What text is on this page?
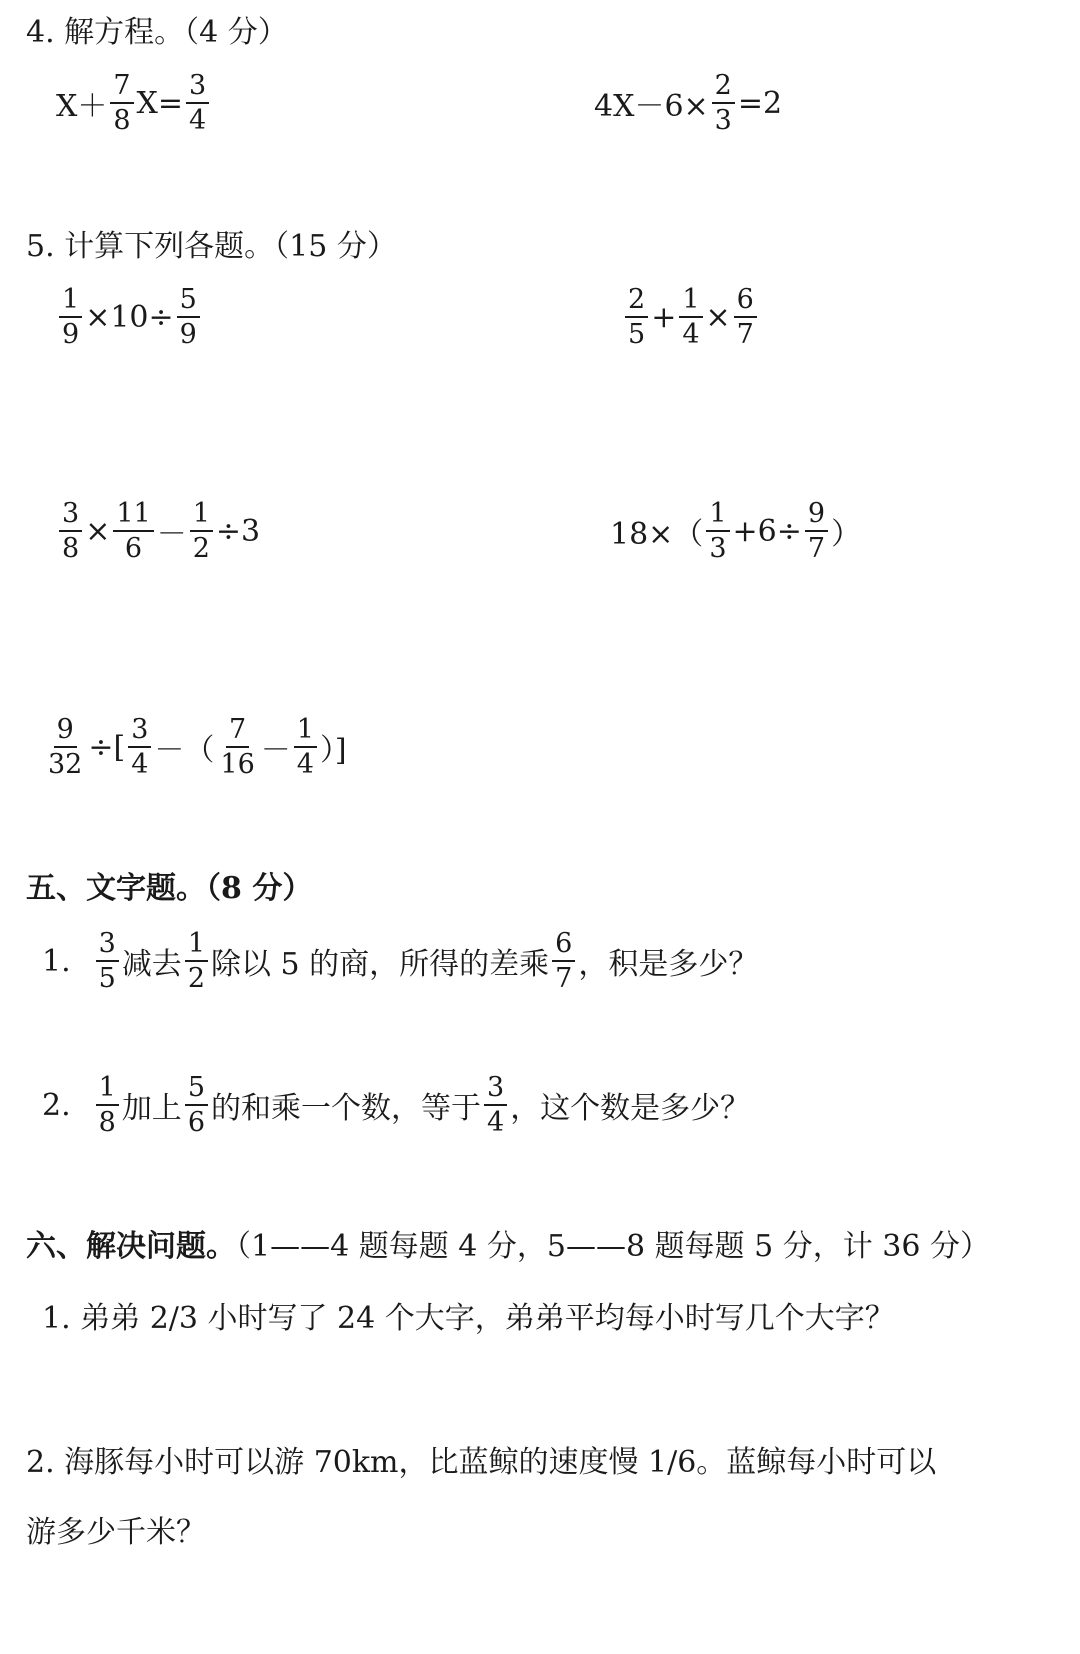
4. 解方程。（4 分）
$X+ \frac{7}{8} X= \frac{3}{4}$	$4X-6\times \frac{2}{3} =2$
5. 计算下列各题。（15 分）
$\frac{1}{9} \times 10\div \frac{5}{9}$	$\frac{2}{5} + \frac{1}{4} \times \frac{6}{7}$
$\frac{3}{8} \times \frac{11}{6} - \frac{1}{2} \div 3$	$18\times( \frac{1}{3} +6\div \frac{9}{7}$ ）
$\frac{9}{32}$ ÷[ $\frac{3}{4}$ －（ $\frac{7}{16} - \frac{1}{4}$ ）]
五、文字题。（8 分）
1. $\frac{3}{5}$ 减去 $\frac{1}{2}$ 除以 5 的商，所得的差乘 $\frac{6}{7}$ ，积是多少？
2. $\frac{1}{8}$ 加上 $\frac{5}{6}$ 的和乘一个数，等于 $\frac{3}{4}$ ，这个数是多少？
六、解决问题。（1——4 题每题 4 分，5——8 题每题 5 分，计 36 分）
1. 弟弟 2/3 小时写了 24 个大字，弟弟平均每小时写几个大字？
2. 海豚每小时可以游 70km，比蓝鲸的速度慢 1/6。蓝鲸每小时可以
游多少千米？
